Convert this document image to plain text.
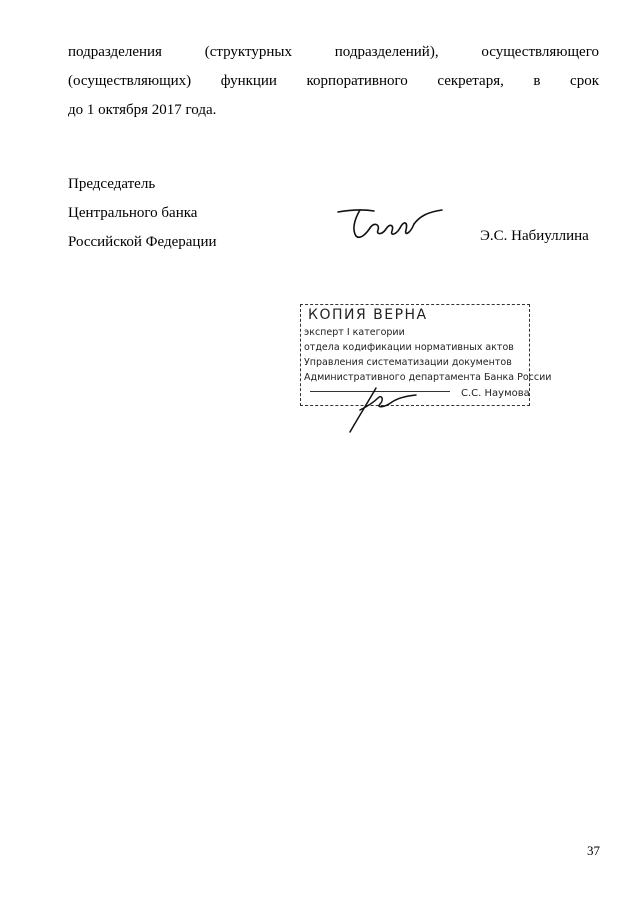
подразделения	(структурных	подразделений),	осуществляющего
(осуществляющих) функции корпоративного секретаря, в срок
до 1 октября 2017 года.
Председатель
Центрального банка
Российской Федерации	Э.С. Набиуллина
КОПИЯ ВЕРНА
эксперт I категории
отдела кодификации нормативных актов
Управления систематизации документов
Административного департамента Банка России
С.С. Наумова
37
